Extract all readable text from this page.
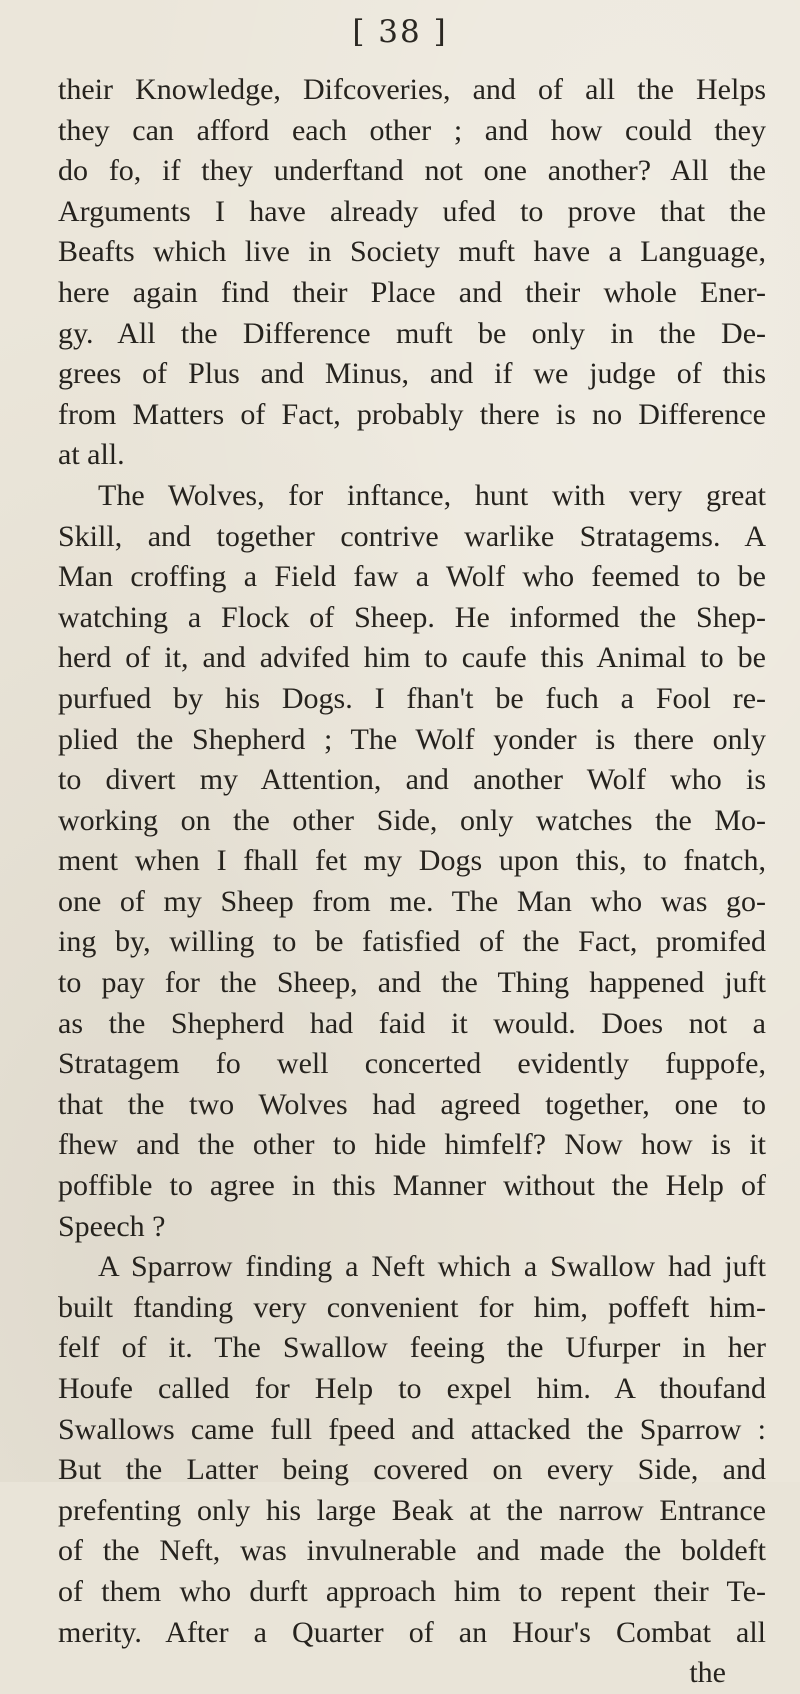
[ 38 ]
their Knowledge, Difcoveries, and of all the Helps
they can afford each other ; and how could they
do fo, if they underftand not one another? All the
Arguments I have already ufed to prove that the
Beafts which live in Society muft have a Language,
here again find their Place and their whole Ener-
gy. All the Difference muft be only in the De-
grees of Plus and Minus, and if we judge of this
from Matters of Fact, probably there is no Difference
at all.
The Wolves, for inftance, hunt with very great
Skill, and together contrive warlike Stratagems. A
Man croffing a Field faw a Wolf who feemed to be
watching a Flock of Sheep. He informed the Shep-
herd of it, and advifed him to caufe this Animal to be
purfued by his Dogs. I fhan't be fuch a Fool re-
plied the Shepherd ; The Wolf yonder is there only
to divert my Attention, and another Wolf who is
working on the other Side, only watches the Mo-
ment when I fhall fet my Dogs upon this, to fnatch,
one of my Sheep from me. The Man who was go-
ing by, willing to be fatisfied of the Fact, promifed
to pay for the Sheep, and the Thing happened juft
as the Shepherd had faid it would. Does not a
Stratagem fo well concerted evidently fuppofe,
that the two Wolves had agreed together, one to
fhew and the other to hide himfelf? Now how is it
poffible to agree in this Manner without the Help of
Speech ?
A Sparrow finding a Neft which a Swallow had juft
built ftanding very convenient for him, poffeft him-
felf of it. The Swallow feeing the Ufurper in her
Houfe called for Help to expel him. A thoufand
Swallows came full fpeed and attacked the Sparrow :
But the Latter being covered on every Side, and
prefenting only his large Beak at the narrow Entrance
of the Neft, was invulnerable and made the boldeft
of them who durft approach him to repent their Te-
merity. After a Quarter of an Hour's Combat all
the
